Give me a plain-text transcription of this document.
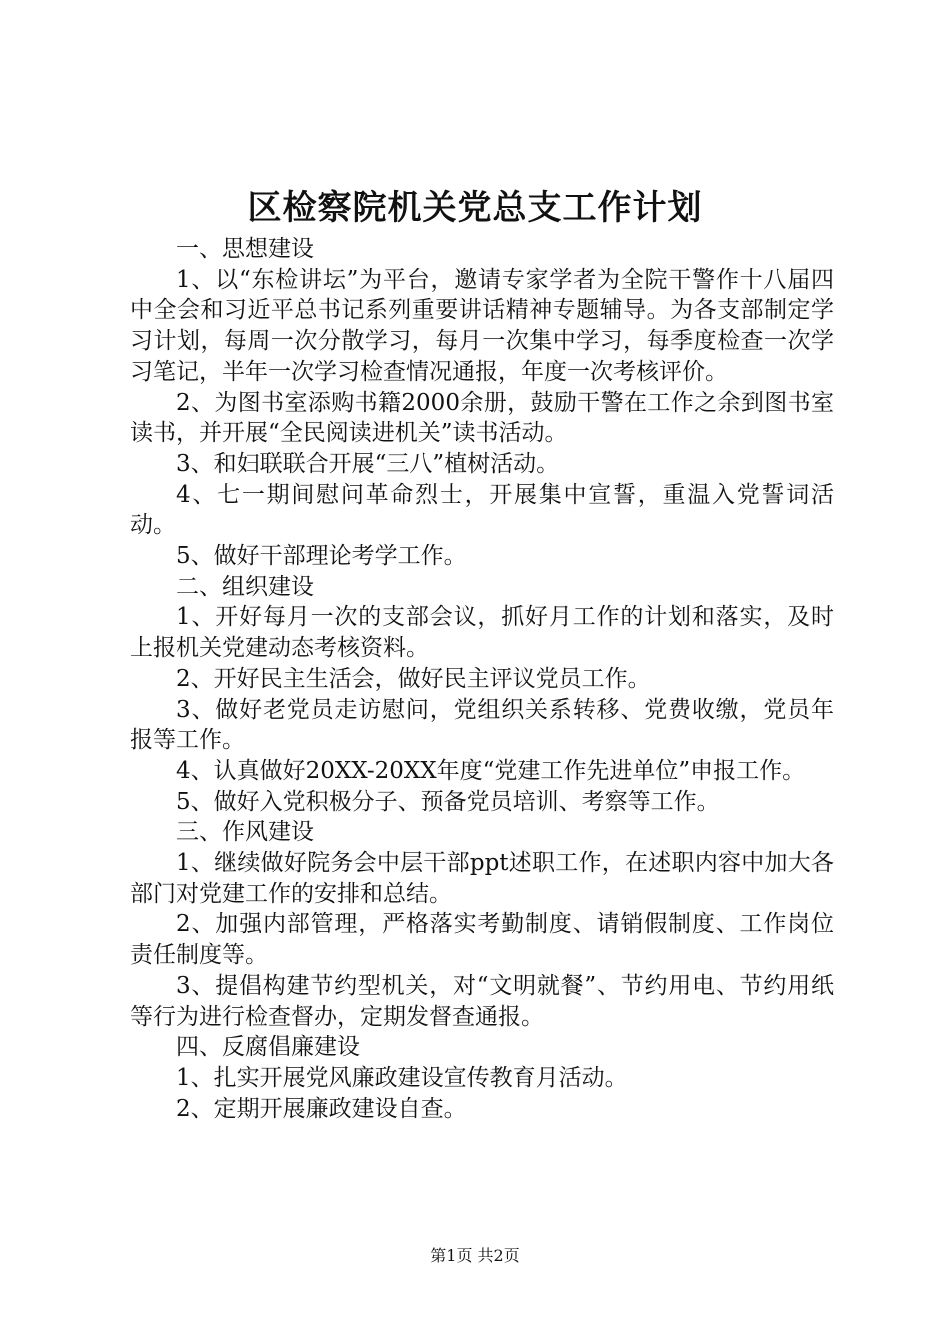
区检察院机关党总支工作计划

一、思想建设

1、以“东检讲坛”为平台，邀请专家学者为全院干警作十八届四中全会和习近平总书记系列重要讲话精神专题辅导。为各支部制定学习计划，每周一次分散学习，每月一次集中学习，每季度检查一次学习笔记，半年一次学习检查情况通报，年度一次考核评价。

2、为图书室添购书籍2000余册，鼓励干警在工作之余到图书室读书，并开展“全民阅读进机关”读书活动。

3、和妇联联合开展“三八”植树活动。

4、七一期间慰问革命烈士，开展集中宣誓，重温入党誓词活动。

5、做好干部理论考学工作。

二、组织建设

1、开好每月一次的支部会议，抓好月工作的计划和落实，及时上报机关党建动态考核资料。

2、开好民主生活会，做好民主评议党员工作。

3、做好老党员走访慰问，党组织关系转移、党费收缴，党员年报等工作。

4、认真做好20XX-20XX年度“党建工作先进单位”申报工作。

5、做好入党积极分子、预备党员培训、考察等工作。

三、作风建设

1、继续做好院务会中层干部ppt述职工作，在述职内容中加大各部门对党建工作的安排和总结。

2、加强内部管理，严格落实考勤制度、请销假制度、工作岗位责任制度等。

3、提倡构建节约型机关，对“文明就餐”、节约用电、节约用纸等行为进行检查督办，定期发督查通报。

四、反腐倡廉建设

1、扎实开展党风廉政建设宣传教育月活动。

2、定期开展廉政建设自查。

第1页 共2页
